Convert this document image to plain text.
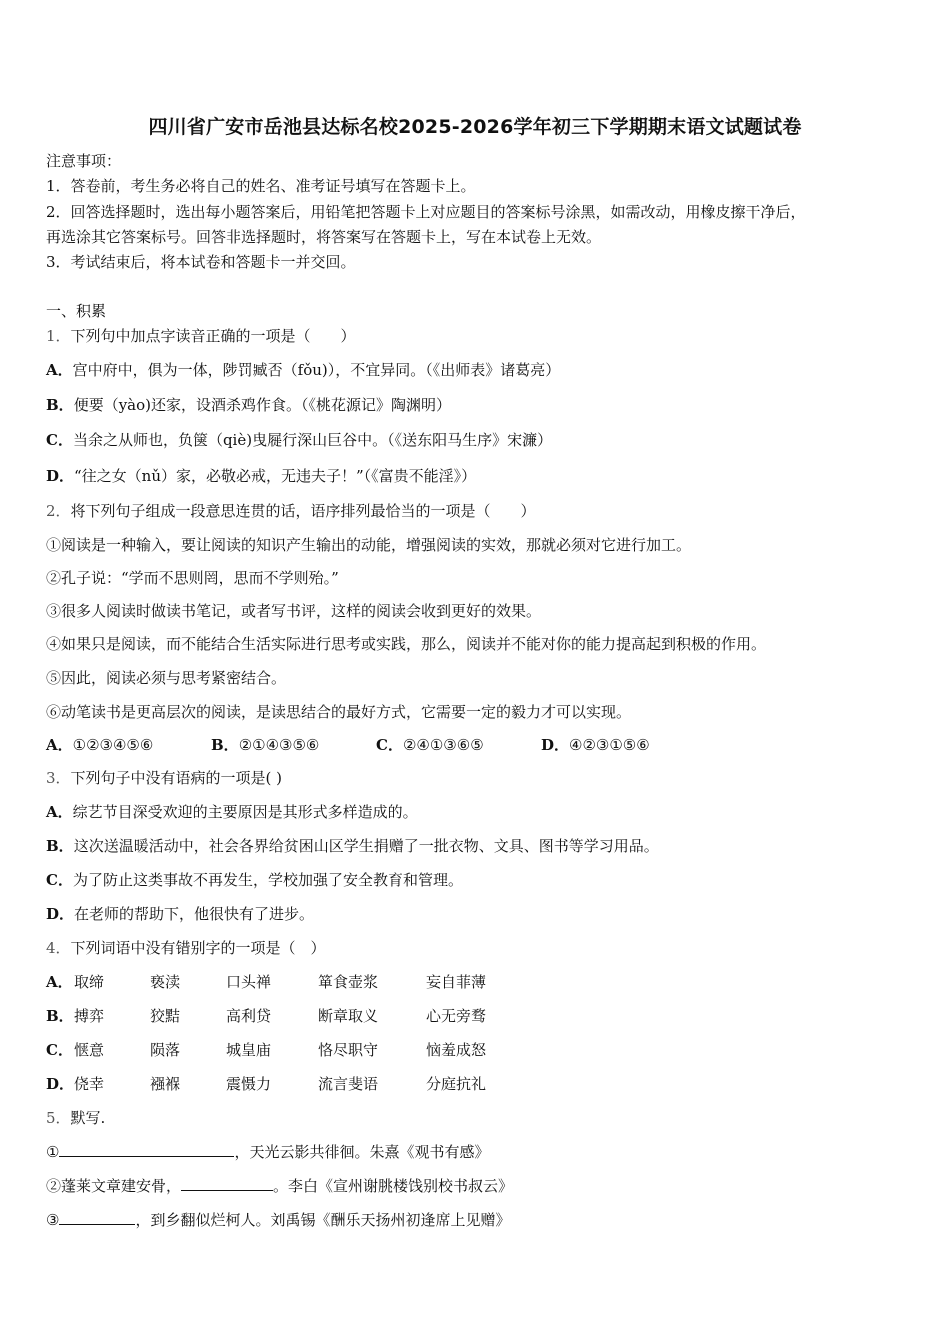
四川省广安市岳池县达标名校2025-2026学年初三下学期期末语文试题试卷
注意事项：
1．答卷前，考生务必将自己的姓名、准考证号填写在答题卡上。
2．回答选择题时，选出每小题答案后，用铅笔把答题卡上对应题目的答案标号涂黑，如需改动，用橡皮擦干净后，
再选涂其它答案标号。回答非选择题时，将答案写在答题卡上，写在本试卷上无效。
3．考试结束后，将本试卷和答题卡一并交回。
一、积累
1．下列句中加点字读音正确的一项是（　　）
A．宫中府中，俱为一体，陟罚臧否（fǒu)），不宜异同。（《出师表》诸葛亮）
B．便要（yào)还家，设酒杀鸡作食。（《桃花源记》陶渊明）
C．当余之从师也，负箧（qiè)曳屣行深山巨谷中。（《送东阳马生序》宋濂）
D．“往之女（nǔ）家，必敬必戒，无违夫子！”（《富贵不能淫》）
2．将下列句子组成一段意思连贯的话，语序排列最恰当的一项是（　　）
①阅读是一种输入，要让阅读的知识产生输出的动能，增强阅读的实效，那就必须对它进行加工。
②孔子说：“学而不思则罔，思而不学则殆。”
③很多人阅读时做读书笔记，或者写书评，这样的阅读会收到更好的效果。
④如果只是阅读，而不能结合生活实际进行思考或实践，那么，阅读并不能对你的能力提高起到积极的作用。
⑤因此，阅读必须与思考紧密结合。
⑥动笔读书是更高层次的阅读，是读思结合的最好方式，它需要一定的毅力才可以实现。
A．①②③④⑤⑥	B．②①④③⑤⑥	C．②④①③⑥⑤	D．④②③①⑤⑥
3．下列句子中没有语病的一项是( )
A．综艺节目深受欢迎的主要原因是其形式多样造成的。
B．这次送温暖活动中，社会各界给贫困山区学生捐赠了一批衣物、文具、图书等学习用品。
C．为了防止这类事故不再发生，学校加强了安全教育和管理。
D．在老师的帮助下，他很快有了进步。
4．下列词语中没有错别字的一项是（　）
A． 取缔	亵渎	口头禅	箪食壶浆	妄自菲薄
B． 搏弈	狡黠	高利贷	断章取义	心无旁骛
C． 惬意	陨落	城皇庙	恪尽职守	恼羞成怒
D． 侥幸	襁褓	震慑力	流言斐语	分庭抗礼
5．默写.
①	，天光云影共徘徊。朱熹《观书有感》
②蓬莱文章建安骨，	。李白《宣州谢朓楼饯别校书叔云》
③	，到乡翻似烂柯人。刘禹锡《酬乐天扬州初逢席上见赠》
